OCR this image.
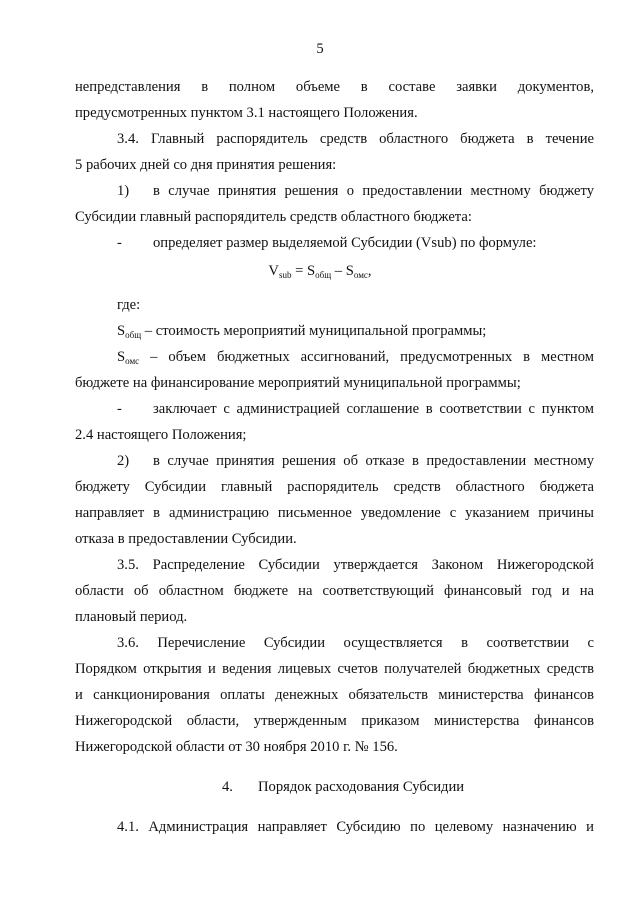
5

непредставления в полном объеме в составе заявки документов,

предусмотренных пунктом 3.1 настоящего Положения.

3.4. Главный распорядитель средств областного бюджета в течение

5 рабочих дней со дня принятия решения:

1) в случае принятия решения о предоставлении местному бюджету

Субсидии главный распорядитель средств областного бюджета:

- определяет размер выделяемой Субсидии (Vsub) по формуле:

$V_{sub} = S_{общ} - S_{омс}$,

где:

$S_{общ}$ – стоимость мероприятий муниципальной программы;

$S_{омс}$ – объем бюджетных ассигнований, предусмотренных в местном

бюджете на финансирование мероприятий муниципальной программы;

- заключает с администрацией соглашение в соответствии с пунктом

2.4 настоящего Положения;

2) в случае принятия решения об отказе в предоставлении местному

бюджету Субсидии главный распорядитель средств областного бюджета

направляет в администрацию письменное уведомление с указанием причины

отказа в предоставлении Субсидии.

3.5. Распределение Субсидии утверждается Законом Нижегородской

области об областном бюджете на соответствующий финансовый год и на

плановый период.

3.6. Перечисление Субсидии осуществляется в соответствии с

Порядком открытия и ведения лицевых счетов получателей бюджетных средств

и санкционирования оплаты денежных обязательств министерства финансов

Нижегородской области, утвержденным приказом министерства финансов

Нижегородской области от 30 ноября 2010 г. № 156.

4. Порядок расходования Субсидии

4.1. Администрация направляет Субсидию по целевому назначению и
